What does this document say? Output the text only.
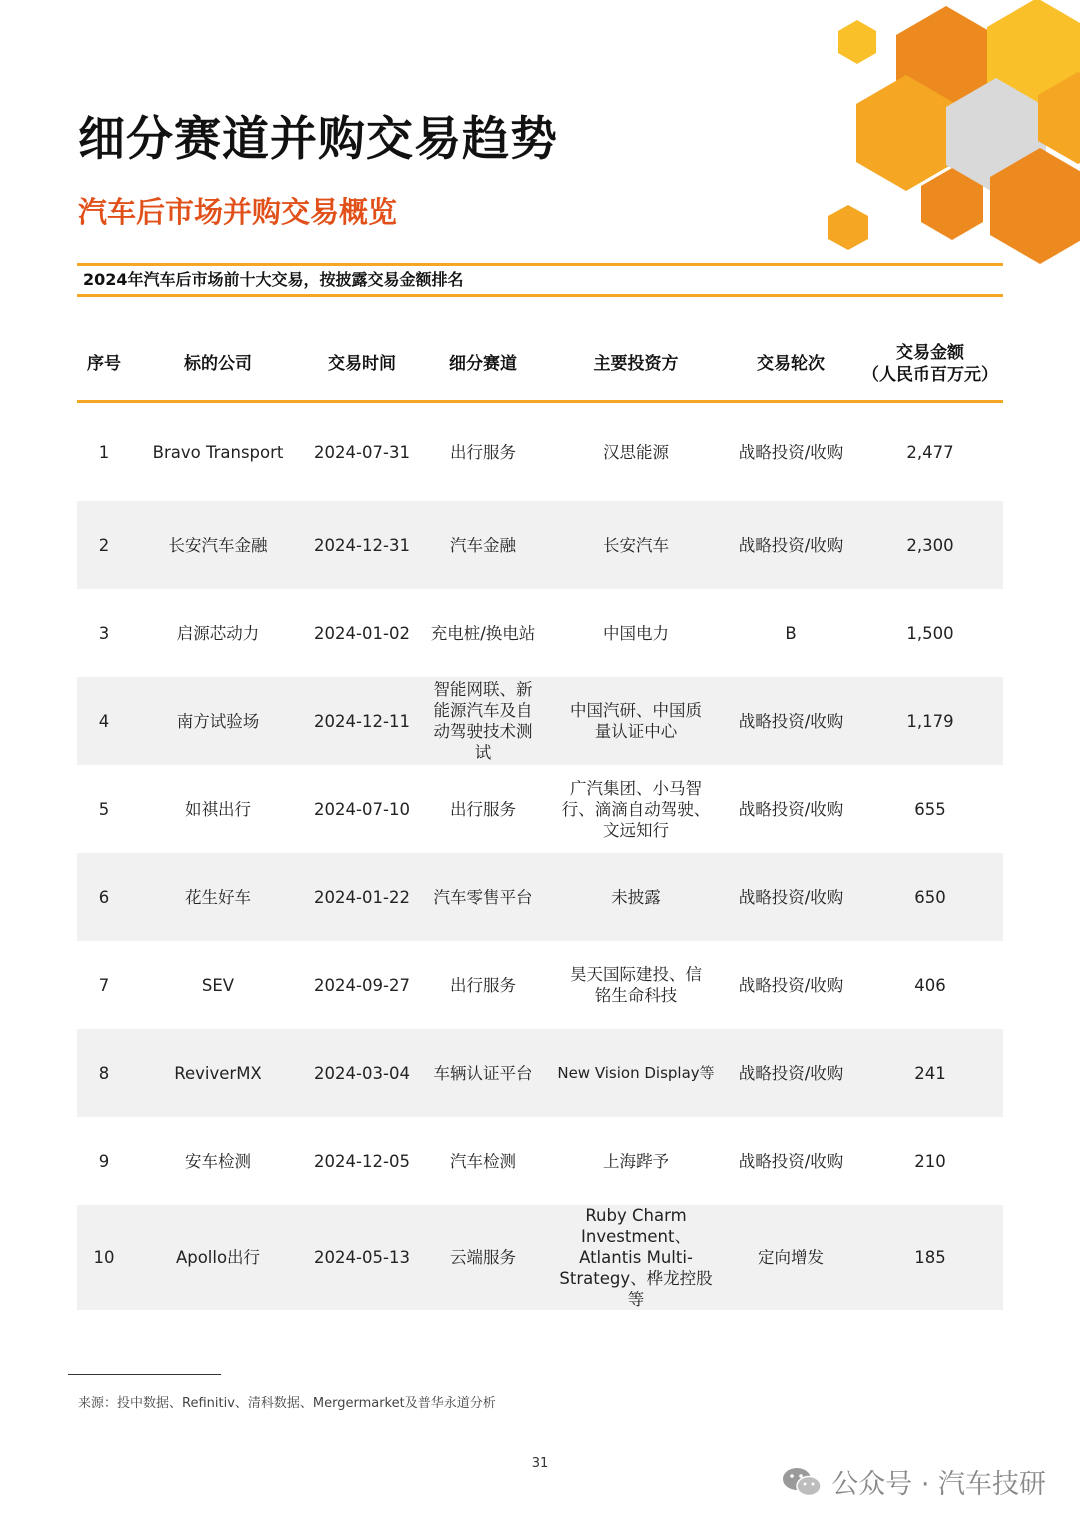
细分赛道并购交易趋势
汽车后市场并购交易概览
2024年汽车后市场前十大交易，按披露交易金额排名
序号	标的公司	交易时间	细分赛道	主要投资方	交易轮次	交易金额
（人民币百万元）

1	Bravo Transport	2024-07-31	出行服务	汉思能源	战略投资/收购	2,477
2	长安汽车金融	2024-12-31	汽车金融	长安汽车	战略投资/收购	2,300
3	启源芯动力	2024-01-02	充电桩/换电站	中国电力	B	1,500
4	南方试验场	2024-12-11	智能网联、新能源汽车及自动驾驶技术测试	中国汽研、中国质量认证中心	战略投资/收购	1,179
5	如祺出行	2024-07-10	出行服务	广汽集团、小马智行、滴滴自动驾驶、文远知行	战略投资/收购	655
6	花生好车	2024-01-22	汽车零售平台	未披露	战略投资/收购	650
7	SEV	2024-09-27	出行服务	昊天国际建投、信铭生命科技	战略投资/收购	406
8	ReviverMX	2024-03-04	车辆认证平台	New Vision Display等	战略投资/收购	241
9	安车检测	2024-12-05	汽车检测	上海跸予	战略投资/收购	210
10	Apollo出行	2024-05-13	云端服务	Ruby Charm Investment、Atlantis Multi-Strategy、桦龙控股等	定向增发	185
来源：投中数据、Refinitiv、清科数据、Mergermarket及普华永道分析
31
公众号 · 汽车技研
